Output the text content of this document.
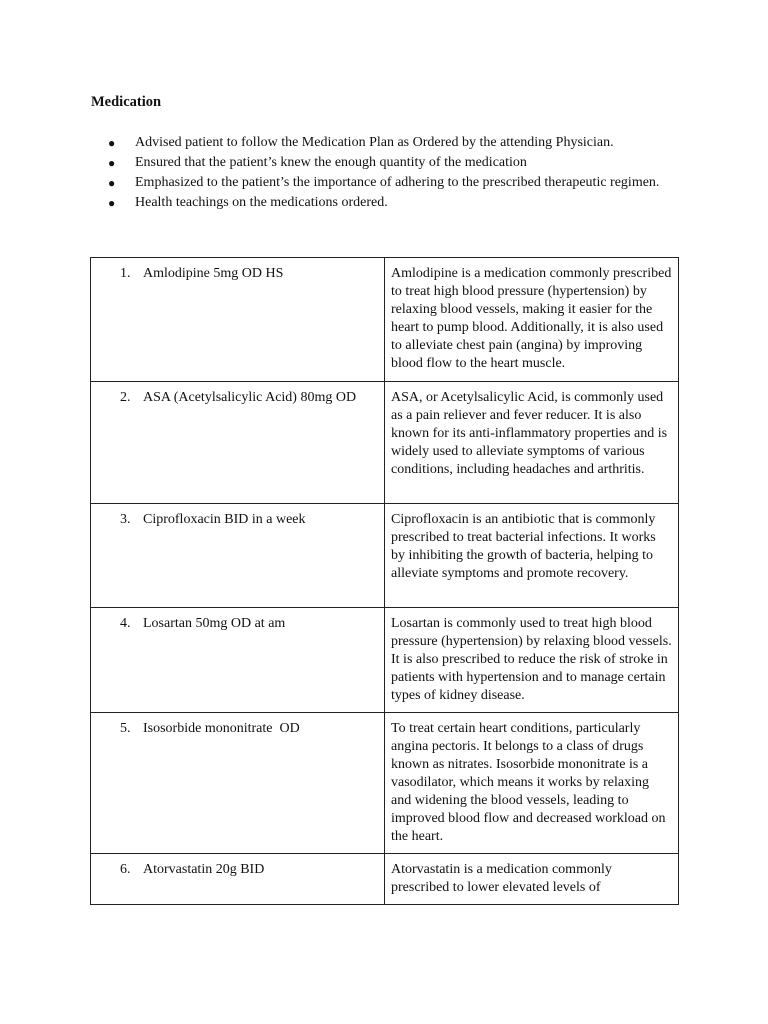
Medication
● Advised patient to follow the Medication Plan as Ordered by the attending Physician.
● Ensured that the patient’s knew the enough quantity of the medication
● Emphasized to the patient’s the importance of adhering to the prescribed therapeutic regimen.
● Health teachings on the medications ordered.
1. Amlodipine 5mg OD HS	Amlodipine is a medication commonly prescribed to treat high blood pressure (hypertension) by relaxing blood vessels, making it easier for the heart to pump blood. Additionally, it is also used to alleviate chest pain (angina) by improving blood flow to the heart muscle.
2. ASA (Acetylsalicylic Acid) 80mg OD	ASA, or Acetylsalicylic Acid, is commonly used as a pain reliever and fever reducer. It is also known for its anti-inflammatory properties and is widely used to alleviate symptoms of various conditions, including headaches and arthritis.
3. Ciprofloxacin BID in a week	Ciprofloxacin is an antibiotic that is commonly prescribed to treat bacterial infections. It works by inhibiting the growth of bacteria, helping to alleviate symptoms and promote recovery.
4. Losartan 50mg OD at am	Losartan is commonly used to treat high blood pressure (hypertension) by relaxing blood vessels. It is also prescribed to reduce the risk of stroke in patients with hypertension and to manage certain types of kidney disease.
5. Isosorbide mononitrate  OD	To treat certain heart conditions, particularly angina pectoris. It belongs to a class of drugs known as nitrates. Isosorbide mononitrate is a vasodilator, which means it works by relaxing and widening the blood vessels, leading to improved blood flow and decreased workload on the heart.
6. Atorvastatin 20g BID	Atorvastatin is a medication commonly prescribed to lower elevated levels of
